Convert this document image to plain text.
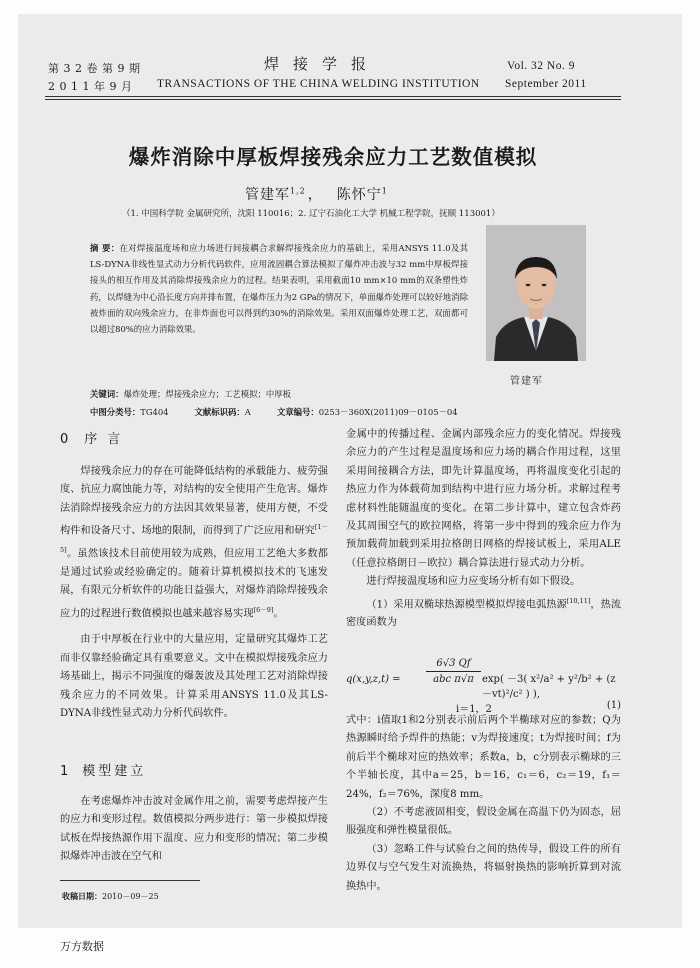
第 3 2 卷 第 9 期
2 0 1 1 年 9 月
焊接学报
TRANSACTIONS OF THE CHINA WELDING INSTITUTION
Vol. 32 No. 9
September 2011
爆炸消除中厚板焊接残余应力工艺数值模拟
管建军$^{1,2}$ ， 陈怀宁$^1$
（1. 中国科学院 金属研究所，沈阳 110016；2. 辽宁石油化工大学 机械工程学院，抚顺 113001）
摘 要：在对焊接温度场和应力场进行间接耦合求解焊接残余应力的基础上，采用ANSYS 11.0及其LS-DYNA非线性显式动力分析代码软件，应用流固耦合算法模拟了爆炸冲击波与32 mm中厚板焊接接头的相互作用及其消除焊接残余应力的过程。结果表明，采用截面10 mm×10 mm的双条塑性炸药，以焊缝为中心沿长度方向并排布置，在爆炸压力为2 GPa的情况下，单面爆炸处理可以较好地消除被炸面的双向残余应力，在非炸面也可以得到约30%的消除效果。采用双面爆炸处理工艺，双面都可以超过80%的应力消除效果。
关键词：爆炸处理；焊接残余应力；工艺模拟；中厚板
中图分类号：TG404	文献标识码：A	文章编号：0253－360X(2011)09－0105－04
管建军
0 序言

焊接残余应力的存在可能降低结构的承载能力、疲劳强度、抗应力腐蚀能力等，对结构的安全使用产生危害。爆炸法消除焊接残余应力的方法因其效果显著，使用方便，不受构件和设备尺寸、场地的限制，而得到了广泛应用和研究[1－5]。虽然该技术目前使用较为成熟，但应用工艺绝大多数都是通过试验或经验确定的。随着计算机模拟技术的飞速发展，有限元分析软件的功能日益强大，对爆炸消除焊接残余应力的过程进行数值模拟也越来越容易实现[6－9]。

由于中厚板在行业中的大量应用，定量研究其爆炸工艺而非仅靠经验确定具有重要意义。文中在模拟焊接残余应力场基础上，揭示不同强度的爆轰波及其处理工艺对消除焊接残余应力的不同效果。计算采用ANSYS 11.0及其LS-DYNA非线性显式动力分析代码软件。

1 模型建立

在考虑爆炸冲击波对金属作用之前，需要考虑焊接产生的应力和变形过程。数值模拟分两步进行：第一步模拟焊接试板在焊接热源作用下温度、应力和变形的情况；第二步模拟爆炸冲击波在空气和

收稿日期：2010－09－25

金属中的传播过程、金属内部残余应力的变化情况。焊接残余应力的产生过程是温度场和应力场的耦合作用过程，这里采用间接耦合方法，即先计算温度场，再将温度变化引起的热应力作为体载荷加到结构中进行应力场分析。求解过程考虑材料性能随温度的变化。在第二步计算中，建立包含炸药及其周围空气的欧拉网格，将第一步中得到的残余应力作为预加载荷加载到采用拉格朗日网格的焊接试板上，采用ALE（任意拉格朗日－欧拉）耦合算法进行显式动力分析。

进行焊接温度场和应力应变场分析有如下假设。

（1）采用双椭球热源模型模拟焊接电弧热源[10,11]，热流密度函数为

q(x,y,z,t) =
6√3 Qf
abc π√π exp( －3( x²/a² + y²/b² + (z－vt)²/c² ) ),
i＝1，2	(1)

式中：i值取1和2分别表示前后两个半椭球对应的参数；Q为热源瞬时给予焊件的热能；v为焊接速度；t为焊接时间；f为前后半个椭球对应的热效率；系数a，b，c分别表示椭球的三个半轴长度，其中a＝25，b＝16，c₁＝6，c₂＝19，f₁＝24%，f₂＝76%，深度8 mm。

（2）不考虑液固相变，假设金属在高温下仍为固态，屈服强度和弹性模量很低。

（3）忽略工件与试验台之间的热传导，假设工件的所有边界仅与空气发生对流换热，将辐射换热的影响折算到对流换热中。

万方数据
